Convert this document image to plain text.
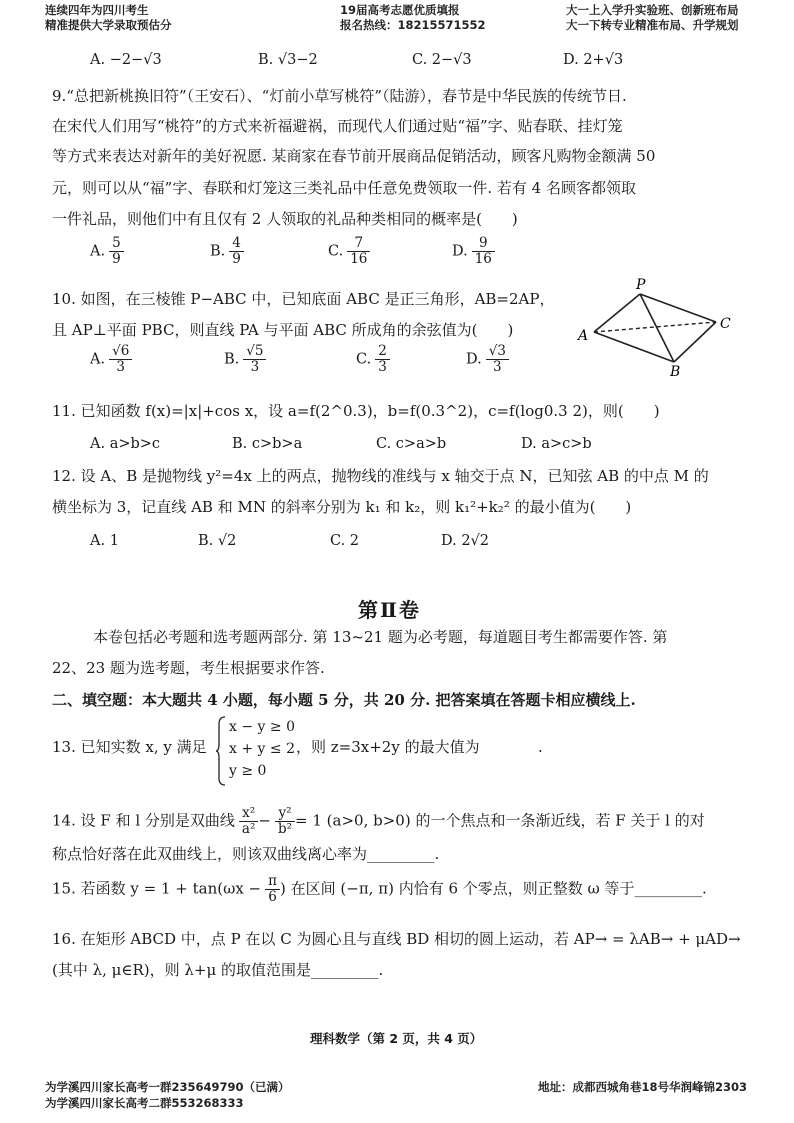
连续四年为四川考生
精准提供大学录取预估分
19届高考志愿优质填报
报名热线：18215571552
大一上入学升实验班、创新班布局
大一下转专业精准布局、升学规划
A. −2−√3	B. √3−2	C. 2−√3	D. 2+√3
9.“总把新桃换旧符”（王安石）、“灯前小草写桃符”（陆游），春节是中华民族的传统节日.
在宋代人们用写“桃符”的方式来祈福避祸，而现代人们通过贴“福”字、贴春联、挂灯笼
等方式来表达对新年的美好祝愿. 某商家在春节前开展商品促销活动，顾客凡购物金额满 50
元，则可以从“福”字、春联和灯笼这三类礼品中任意免费领取一件. 若有 4 名顾客都领取
一件礼品，则他们中有且仅有 2 人领取的礼品种类相同的概率是(　　)
A. $\frac{5}{9}$	B. $\frac{4}{9}$	C. $\frac{7}{16}$	D. $\frac{9}{16}$
10. 如图，在三棱锥 P−ABC 中，已知底面 ABC 是正三角形，AB=2AP，
且 AP⊥平面 PBC，则直线 PA 与平面 ABC 所成角的余弦值为(　　)
A. $\frac{√6}{3}$	B. $\frac{√5}{3}$	C. $\frac{2}{3}$	D. $\frac{√3}{3}$
P
A
B
C
11. 已知函数 f(x)=|x|+cos x，设 a=f(2^0.3)，b=f(0.3^2)，c=f(log0.3 2)，则(　　)
A. a>b>c	B. c>b>a	C. c>a>b	D. a>c>b
12. 设 A、B 是抛物线 y²=4x 上的两点，抛物线的准线与 x 轴交于点 N，已知弦 AB 的中点 M 的
横坐标为 3，记直线 AB 和 MN 的斜率分别为 k₁ 和 k₂，则 k₁²+k₂² 的最小值为(　　)
A. 1	B. √2	C. 2	D. 2√2
第Ⅱ卷
本卷包括必考题和选考题两部分. 第 13~21 题为必考题，每道题目考生都需要作答. 第
22、23 题为选考题，考生根据要求作答.
二、填空题：本大题共 4 小题，每小题 5 分，共 20 分. 把答案填在答题卡相应横线上.
13. 已知实数 x, y 满足
x − y ≥ 0
x + y ≤ 2
y ≥ 0
，则 z=3x+2y 的最大值为	.
14. 设 F 和 l 分别是双曲线 $\frac{\text{x²}}{\text{a²}} - \frac{\text{y²}}{\text{b²}} = 1$ (a>0, b>0) 的一个焦点和一条渐近线，若 F 关于 l 的对
称点恰好落在此双曲线上，则该双曲线离心率为_________.
15. 若函数 $y = 1 + \tan(\omega x - \frac{\pi}{6}$ ) 在区间 (−π, π) 内恰有 6 个零点，则正整数 ω 等于_________.
16. 在矩形 ABCD 中，点 P 在以 C 为圆心且与直线 BD 相切的圆上运动，若 AP→ = λAB→ + μAD→
(其中 λ, μ∈R)，则 λ+μ 的取值范围是_________.
理科数学（第 2 页，共 4 页）
为学溪四川家长高考一群235649790（已满）
为学溪四川家长高考二群553268333
地址：成都西城角巷18号华润峰锦2303
